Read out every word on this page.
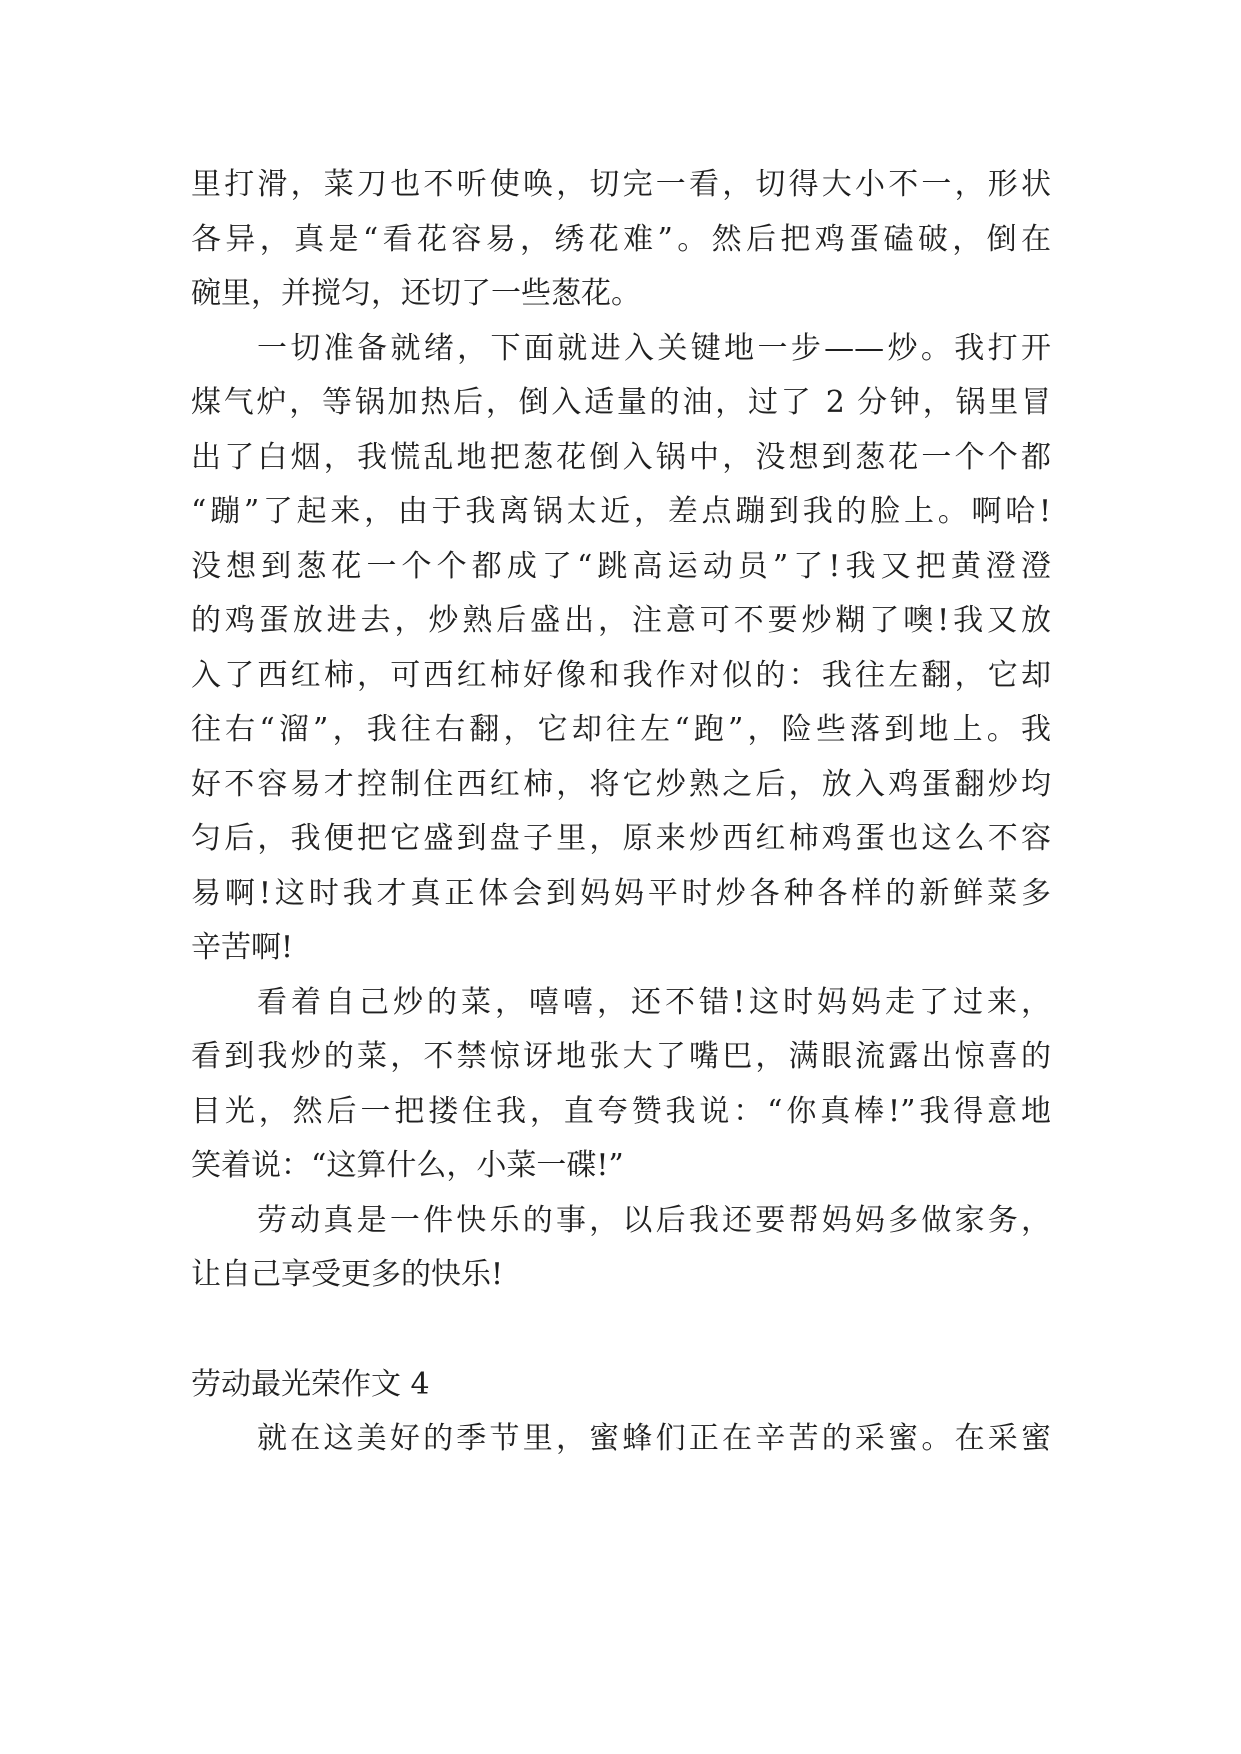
里打滑，菜刀也不听使唤，切完一看，切得大小不一，形状
各异，真是“看花容易，绣花难”。然后把鸡蛋磕破，倒在
碗里，并搅匀，还切了一些葱花。
一切准备就绪，下面就进入关键地一步——炒。我打开
煤气炉，等锅加热后，倒入适量的油，过了 2 分钟，锅里冒
出了白烟，我慌乱地把葱花倒入锅中，没想到葱花一个个都
“蹦”了起来，由于我离锅太近，差点蹦到我的脸上。啊哈!
没想到葱花一个个都成了“跳高运动员”了!我又把黄澄澄
的鸡蛋放进去，炒熟后盛出，注意可不要炒糊了噢!我又放
入了西红柿，可西红柿好像和我作对似的：我往左翻，它却
往右“溜”，我往右翻，它却往左“跑”，险些落到地上。我
好不容易才控制住西红柿，将它炒熟之后，放入鸡蛋翻炒均
匀后，我便把它盛到盘子里，原来炒西红柿鸡蛋也这么不容
易啊!这时我才真正体会到妈妈平时炒各种各样的新鲜菜多
辛苦啊!
看着自己炒的菜，嘻嘻，还不错!这时妈妈走了过来，
看到我炒的菜，不禁惊讶地张大了嘴巴，满眼流露出惊喜的
目光，然后一把搂住我，直夸赞我说：“你真棒!”我得意地
笑着说：“这算什么，小菜一碟!”
劳动真是一件快乐的事，以后我还要帮妈妈多做家务，
让自己享受更多的快乐!
劳动最光荣作文 4
就在这美好的季节里，蜜蜂们正在辛苦的采蜜。在采蜜
